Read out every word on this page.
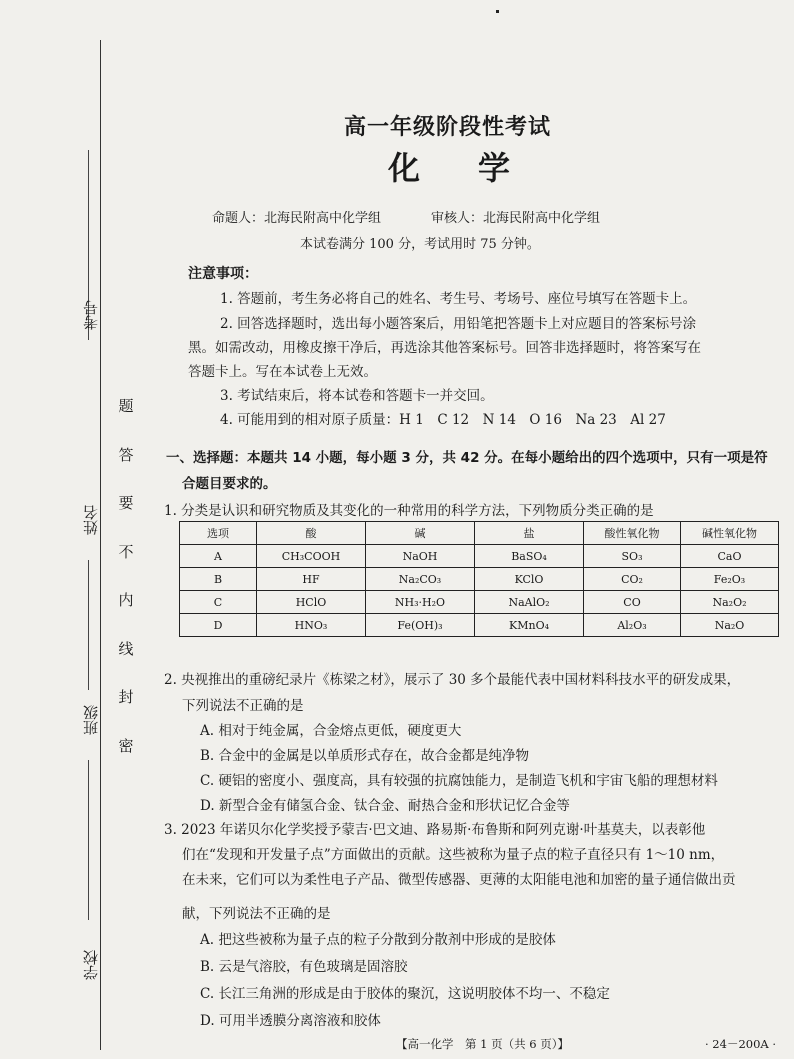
考号
姓名
班级
学校
题
答
要
不
内
线
封
密
高一年级阶段性考试
化学
命题人：北海民附高中化学组	审核人：北海民附高中化学组
本试卷满分 100 分，考试用时 75 分钟。
注意事项：
1. 答题前，考生务必将自己的姓名、考生号、考场号、座位号填写在答题卡上。
2. 回答选择题时，选出每小题答案后，用铅笔把答题卡上对应题目的答案标号涂
黑。如需改动，用橡皮擦干净后，再选涂其他答案标号。回答非选择题时，将答案写在
答题卡上。写在本试卷上无效。
3. 考试结束后，将本试卷和答题卡一并交回。
4. 可能用到的相对原子质量：H 1　C 12　N 14　O 16　Na 23　Al 27
一、选择题：本题共 14 小题，每小题 3 分，共 42 分。在每小题给出的四个选项中，只有一项是符
合题目要求的。
1. 分类是认识和研究物质及其变化的一种常用的科学方法，下列物质分类正确的是
选项	酸	碱	盐	酸性氧化物	碱性氧化物
A	CH₃COOH	NaOH	BaSO₄	SO₃	CaO
B	HF	Na₂CO₃	KClO	CO₂	Fe₂O₃
C	HClO	NH₃·H₂O	NaAlO₂	CO	Na₂O₂
D	HNO₃	Fe(OH)₃	KMnO₄	Al₂O₃	Na₂O
2. 央视推出的重磅纪录片《栋梁之材》，展示了 30 多个最能代表中国材料科技水平的研发成果，
下列说法不正确的是
A. 相对于纯金属，合金熔点更低，硬度更大
B. 合金中的金属是以单质形式存在，故合金都是纯净物
C. 硬铝的密度小、强度高，具有较强的抗腐蚀能力，是制造飞机和宇宙飞船的理想材料
D. 新型合金有储氢合金、钛合金、耐热合金和形状记忆合金等
3. 2023 年诺贝尔化学奖授予蒙吉·巴文迪、路易斯·布鲁斯和阿列克谢·叶基莫夫，以表彰他
们在“发现和开发量子点”方面做出的贡献。这些被称为量子点的粒子直径只有 1～10 nm，
在未来，它们可以为柔性电子产品、微型传感器、更薄的太阳能电池和加密的量子通信做出贡
献，下列说法不正确的是
A. 把这些被称为量子点的粒子分散到分散剂中形成的是胶体
B. 云是气溶胶，有色玻璃是固溶胶
C. 长江三角洲的形成是由于胶体的聚沉，这说明胶体不均一、不稳定
D. 可用半透膜分离溶液和胶体
【高一化学　第 1 页（共 6 页）】	· 24－200A ·
